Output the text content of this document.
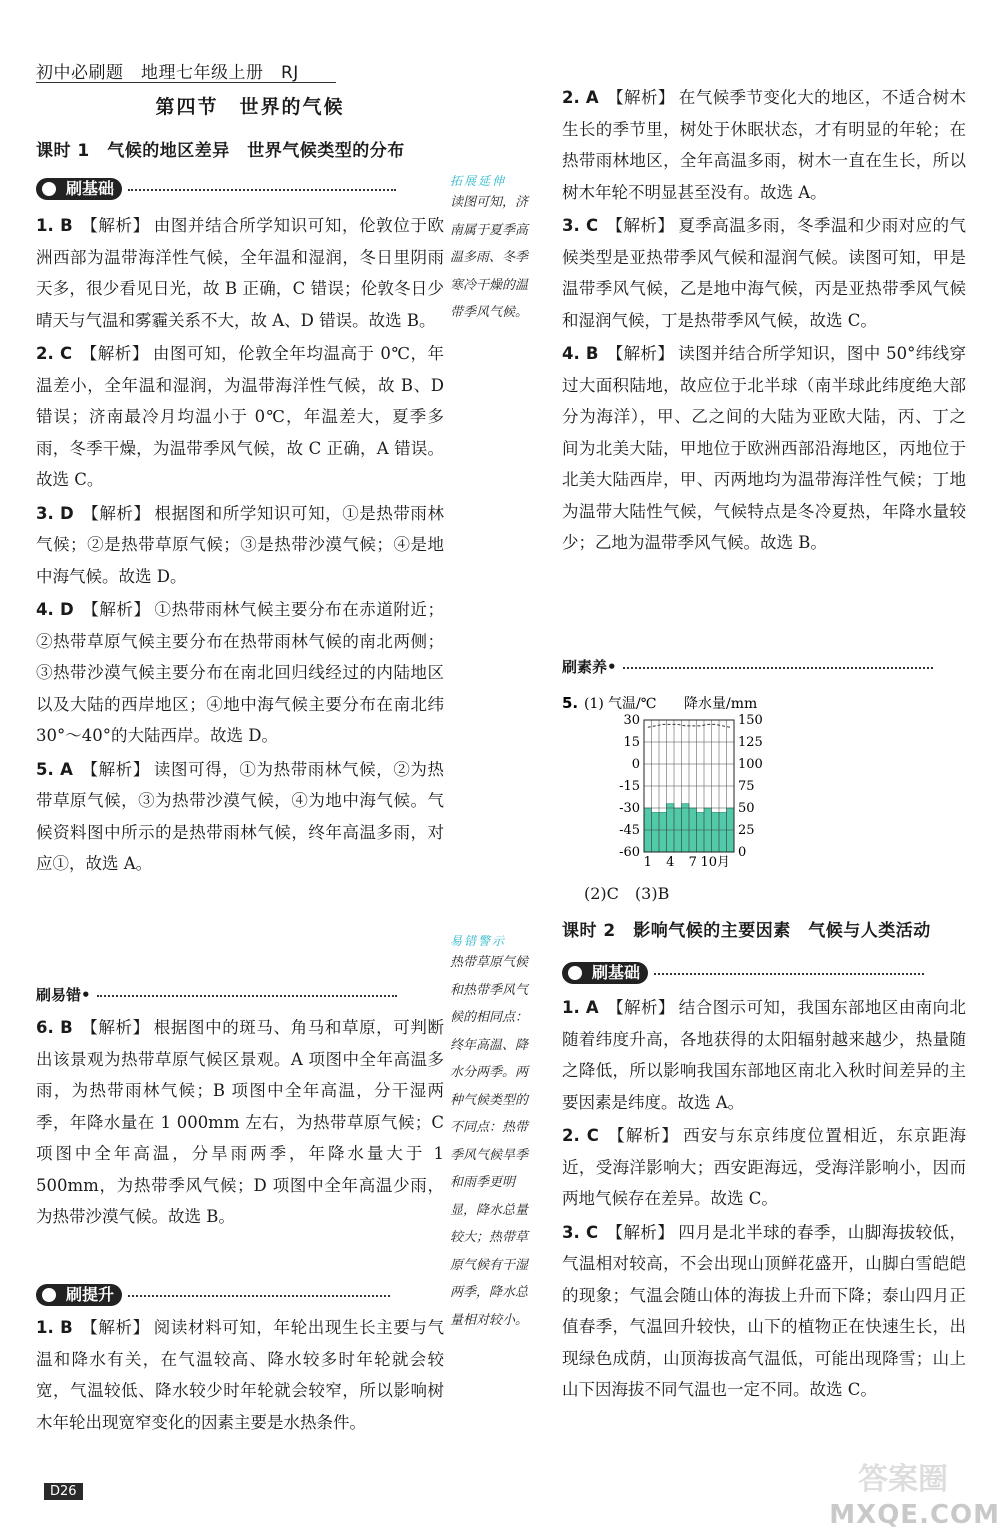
初中必刷题　地理七年级上册　RJ
第四节　世界的气候
课时 1　气候的地区差异　世界气候类型的分布
刷基础

1. B 【解析】 由图并结合所学知识可知，伦敦位于欧洲西部为温带海洋性气候，全年温和湿润，冬日里阴雨天多，很少看见日光，故 B 正确，C 错误；伦敦冬日少晴天与气温和雾霾关系不大，故 A、D 错误。故选 B。

2. C 【解析】 由图可知，伦敦全年均温高于 0℃，年温差小，全年温和湿润，为温带海洋性气候，故 B、D 错误；济南最冷月均温小于 0℃，年温差大，夏季多雨，冬季干燥，为温带季风气候，故 C 正确，A 错误。故选 C。

3. D 【解析】 根据图和所学知识可知，①是热带雨林气候；②是热带草原气候；③是热带沙漠气候；④是地中海气候。故选 D。

4. D 【解析】 ①热带雨林气候主要分布在赤道附近；②热带草原气候主要分布在热带雨林气候的南北两侧；③热带沙漠气候主要分布在南北回归线经过的内陆地区以及大陆的西岸地区；④地中海气候主要分布在南北纬 30°～40°的大陆西岸。故选 D。

5. A 【解析】 读图可得，①为热带雨林气候，②为热带草原气候，③为热带沙漠气候，④为地中海气候。气候资料图中所示的是热带雨林气候，终年高温多雨，对应①，故选 A。

刷易错•

6. B 【解析】 根据图中的斑马、角马和草原，可判断出该景观为热带草原气候区景观。A 项图中全年高温多雨，为热带雨林气候；B 项图中全年高温，分干湿两季，年降水量在 1 000mm 左右，为热带草原气候；C 项图中全年高温，分旱雨两季，年降水量大于 1 500mm，为热带季风气候；D 项图中全年高温少雨，为热带沙漠气候。故选 B。

刷提升

1. B 【解析】 阅读材料可知，年轮出现生长主要与气温和降水有关，在气温较高、降水较多时年轮就会较宽，气温较低、降水较少时年轮就会较窄，所以影响树木年轮出现宽窄变化的因素主要是水热条件。

拓展延伸
读图可知，济
南属于夏季高
温多雨、冬季
寒冷干燥的温
带季风气候。
易错警示
热带草原气候
和热带季风气
候的相同点：
终年高温、降
水分两季。两
种气候类型的
不同点：热带
季风气候旱季
和雨季更明
显，降水总量
较大；热带草
原气候有干湿
两季，降水总
量相对较小。

2. A 【解析】 在气候季节变化大的地区，不适合树木生长的季节里，树处于休眠状态，才有明显的年轮；在热带雨林地区，全年高温多雨，树木一直在生长，所以树木年轮不明显甚至没有。故选 A。

3. C 【解析】 夏季高温多雨，冬季温和少雨对应的气候类型是亚热带季风气候和湿润气候。读图可知，甲是温带季风气候，乙是地中海气候，丙是亚热带季风气候和湿润气候，丁是热带季风气候，故选 C。

4. B 【解析】 读图并结合所学知识，图中 50°纬线穿过大面积陆地，故应位于北半球（南半球此纬度绝大部分为海洋），甲、乙之间的大陆为亚欧大陆，丙、丁之间为北美大陆，甲地位于欧洲西部沿海地区，丙地位于北美大陆西岸，甲、丙两地均为温带海洋性气候；丁地为温带大陆性气候，气候特点是冬冷夏热，年降水量较少；乙地为温带季风气候。故选 B。

刷素养•
5. (1) 气温/℃ 降水量/mm
30
15
0
-15
-30
-45
-60
150
125
100
75
50
25
0
1 4 7 10月
(2)C　(3)B
课时 2　影响气候的主要因素　气候与人类活动
刷基础

1. A 【解析】 结合图示可知，我国东部地区由南向北随着纬度升高，各地获得的太阳辐射越来越少，热量随之降低，所以影响我国东部地区南北入秋时间差异的主要因素是纬度。故选 A。

2. C 【解析】 西安与东京纬度位置相近，东京距海近，受海洋影响大；西安距海远，受海洋影响小，因而两地气候存在差异。故选 C。

3. C 【解析】 四月是北半球的春季，山脚海拔较低，气温相对较高，不会出现山顶鲜花盛开，山脚白雪皑皑的现象；气温会随山体的海拔上升而下降；泰山四月正值春季，气温回升较快，山下的植物正在快速生长，出现绿色成荫，山顶海拔高气温低，可能出现降雪；山上山下因海拔不同气温也一定不同。故选 C。

D26	答案圈
MXQE.COM
